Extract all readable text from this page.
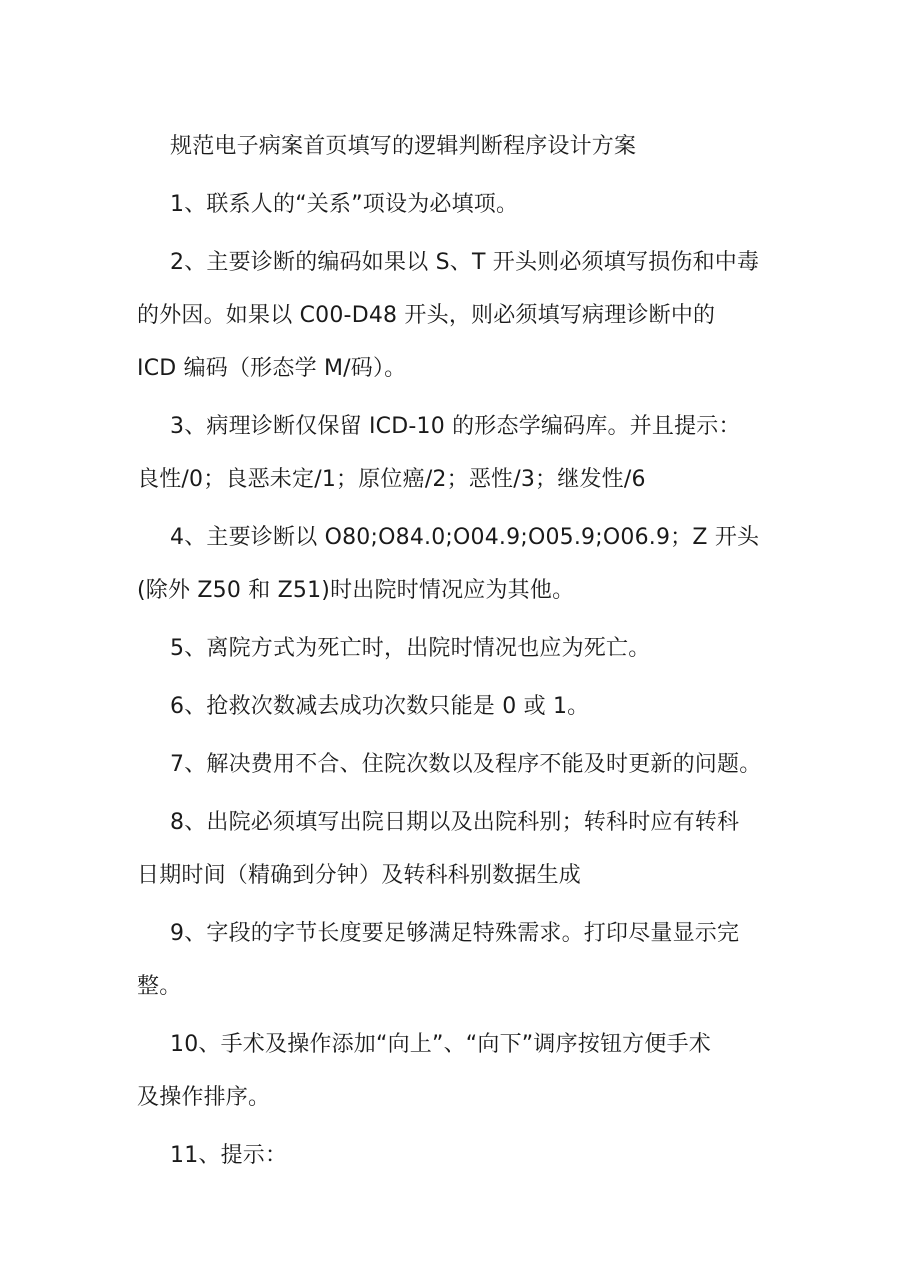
规范电子病案首页填写的逻辑判断程序设计方案
1、联系人的“关系”项设为必填项。
2、主要诊断的编码如果以 S、T 开头则必须填写损伤和中毒
的外因。如果以 C00-D48 开头，则必须填写病理诊断中的
ICD 编码（形态学 M/码）。
3、病理诊断仅保留 ICD-10 的形态学编码库。并且提示：
良性/0；良恶未定/1；原位癌/2；恶性/3；继发性/6
4、主要诊断以 O80;O84.0;O04.9;O05.9;O06.9；Z 开头
(除外 Z50 和 Z51)时出院时情况应为其他。
5、离院方式为死亡时，出院时情况也应为死亡。
6、抢救次数减去成功次数只能是 0 或 1。
7、解决费用不合、住院次数以及程序不能及时更新的问题。
8、出院必须填写出院日期以及出院科别；转科时应有转科
日期时间（精确到分钟）及转科科别数据生成
9、字段的字节长度要足够满足特殊需求。打印尽量显示完
整。
10、手术及操作添加“向上”、“向下”调序按钮方便手术
及操作排序。
11、提示：
